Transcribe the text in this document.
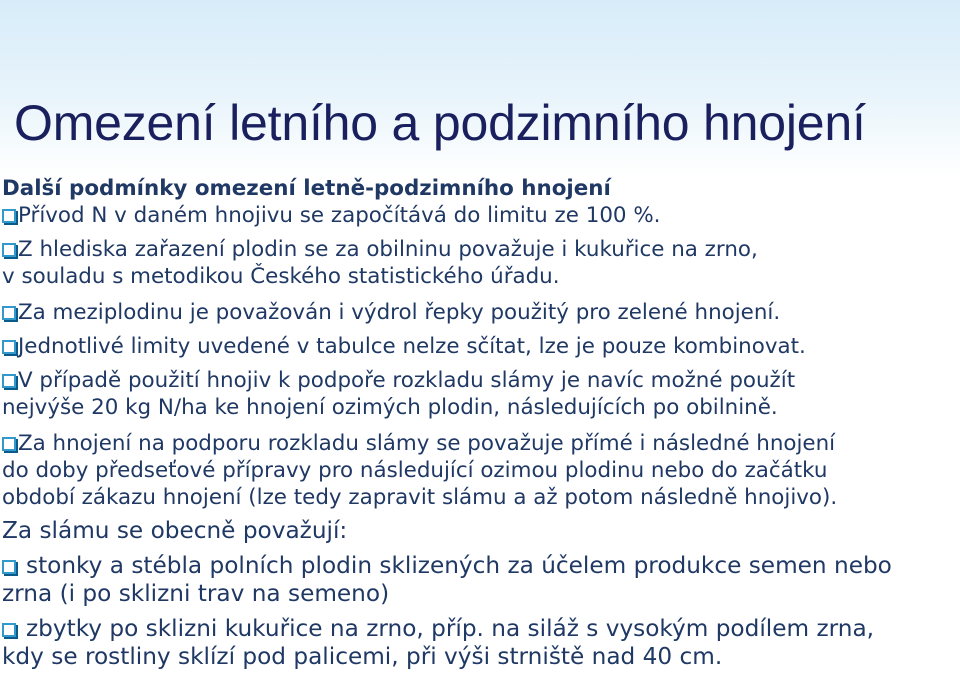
Omezení letního a podzimního hnojení
Další podmínky omezení letně-podzimního hnojení
Přívod N v daném hnojivu se započítává do limitu ze 100 %.
Z hlediska zařazení plodin se za obilninu považuje i kukuřice na zrno,
v souladu s metodikou Českého statistického úřadu.
Za meziplodinu je považován i výdrol řepky použitý pro zelené hnojení.
Jednotlivé limity uvedené v tabulce nelze sčítat, lze je pouze kombinovat.
V případě použití hnojiv k podpoře rozkladu slámy je navíc možné použít
nejvýše 20 kg N/ha ke hnojení ozimých plodin, následujících po obilnině.
Za hnojení na podporu rozkladu slámy se považuje přímé i následné hnojení
do doby předseťové přípravy pro následující ozimou plodinu nebo do začátku
období zákazu hnojení (lze tedy zapravit slámu a až potom následně hnojivo).
Za slámu se obecně považují:
stonky a stébla polních plodin sklizených za účelem produkce semen nebo
zrna (i po sklizni trav na semeno)
zbytky po sklizni kukuřice na zrno, příp. na siláž s vysokým podílem zrna,
kdy se rostliny sklízí pod palicemi, při výši strniště nad 40 cm.
